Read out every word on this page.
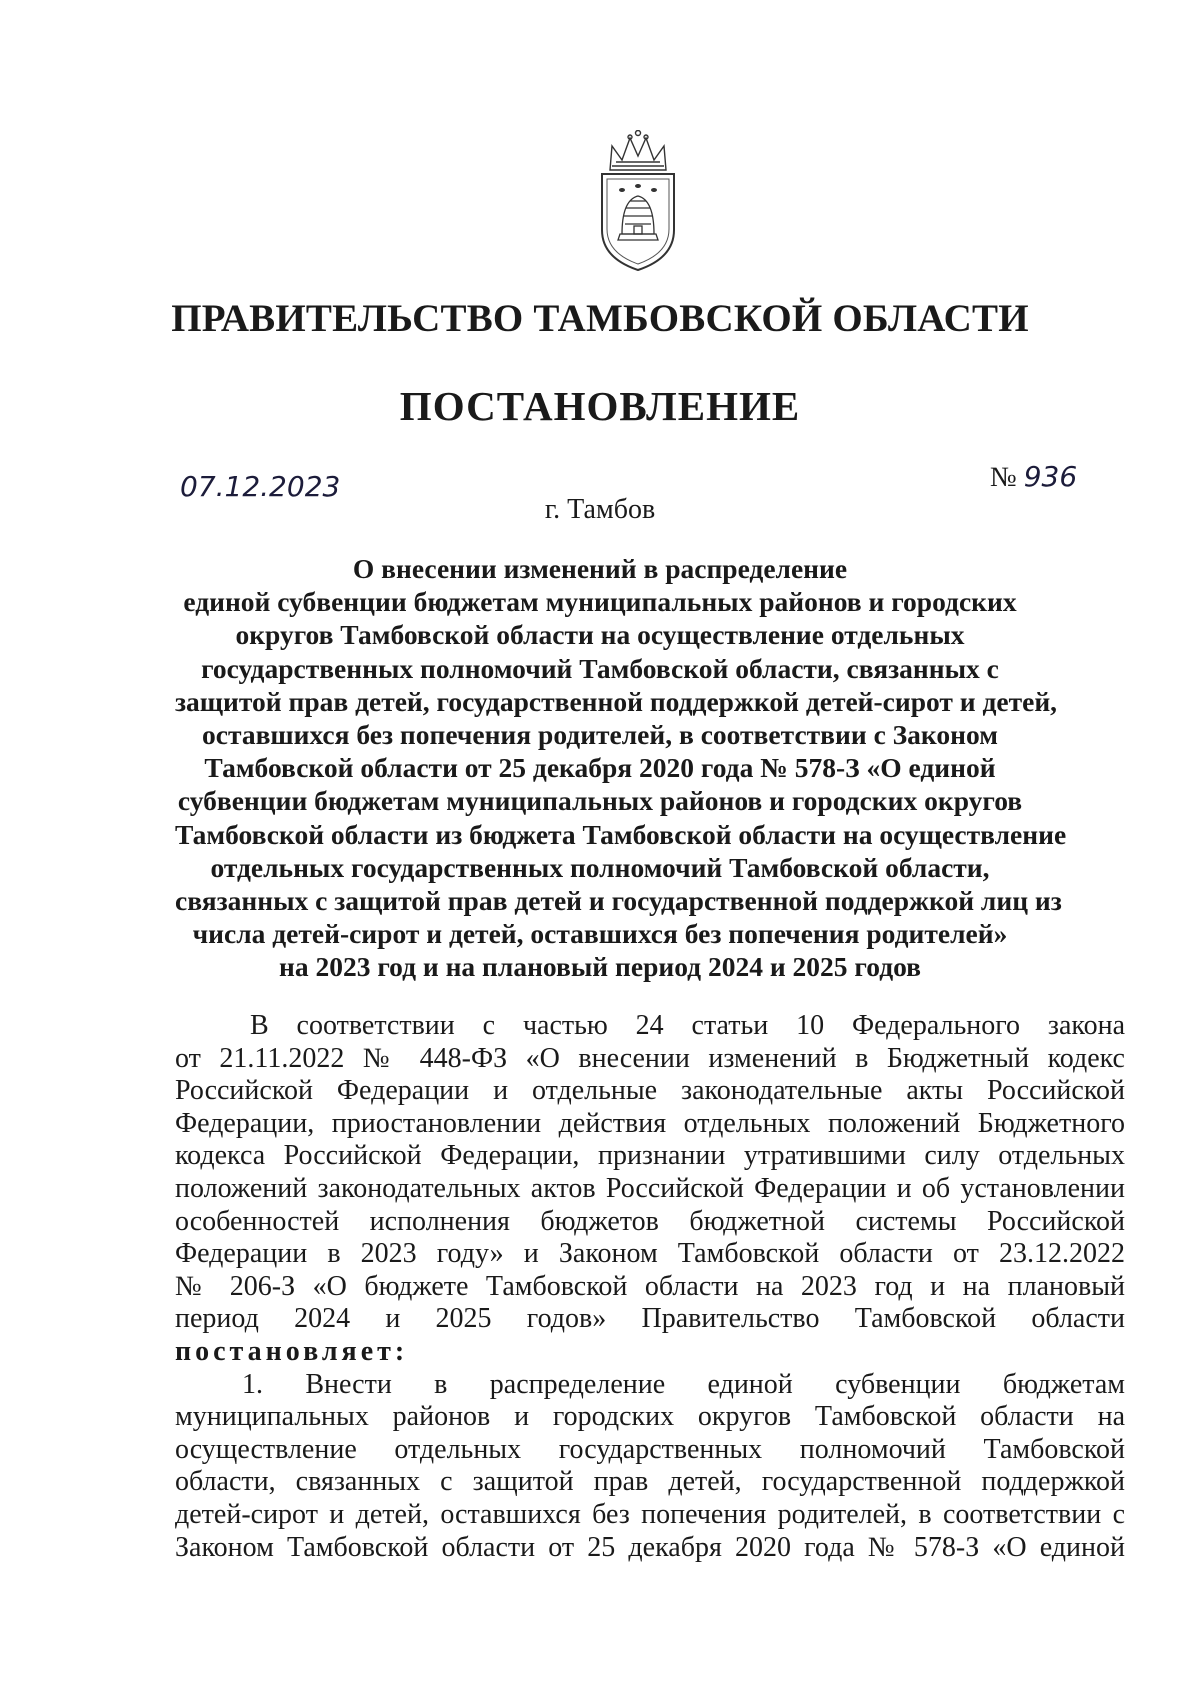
ПРАВИТЕЛЬСТВО ТАМБОВСКОЙ ОБЛАСТИ
ПОСТАНОВЛЕНИЕ
07.12.2023	№ 936
г. Тамбов
О внесении изменений в распределение
единой субвенции бюджетам муниципальных районов и городских
округов Тамбовской области на осуществление отдельных
государственных полномочий Тамбовской области, связанных с
защитой прав детей, государственной поддержкой детей-сирот и детей,
оставшихся без попечения родителей, в соответствии с Законом
Тамбовской области от 25 декабря 2020 года № 578-З «О единой
субвенции бюджетам муниципальных районов и городских округов
Тамбовской области из бюджета Тамбовской области на осуществление
отдельных государственных полномочий Тамбовской области,
связанных с защитой прав детей и государственной поддержкой лиц из
числа детей-сирот и детей, оставшихся без попечения родителей»
на 2023 год и на плановый период 2024 и 2025 годов
В соответствии с частью 24 статьи 10 Федерального закона
от 21.11.2022 № 448-ФЗ «О внесении изменений в Бюджетный кодекс
Российской Федерации и отдельные законодательные акты Российской
Федерации, приостановлении действия отдельных положений Бюджетного
кодекса Российской Федерации, признании утратившими силу отдельных
положений законодательных актов Российской Федерации и об установлении
особенностей исполнения бюджетов бюджетной системы Российской
Федерации в 2023 году» и Законом Тамбовской области от 23.12.2022
№ 206-З «О бюджете Тамбовской области на 2023 год и на плановый
период 2024 и 2025 годов» Правительство Тамбовской области
постановляет:
1. Внести в распределение единой субвенции бюджетам
муниципальных районов и городских округов Тамбовской области на
осуществление отдельных государственных полномочий Тамбовской
области, связанных с защитой прав детей, государственной поддержкой
детей-сирот и детей, оставшихся без попечения родителей, в соответствии с
Законом Тамбовской области от 25 декабря 2020 года № 578-З «О единой
